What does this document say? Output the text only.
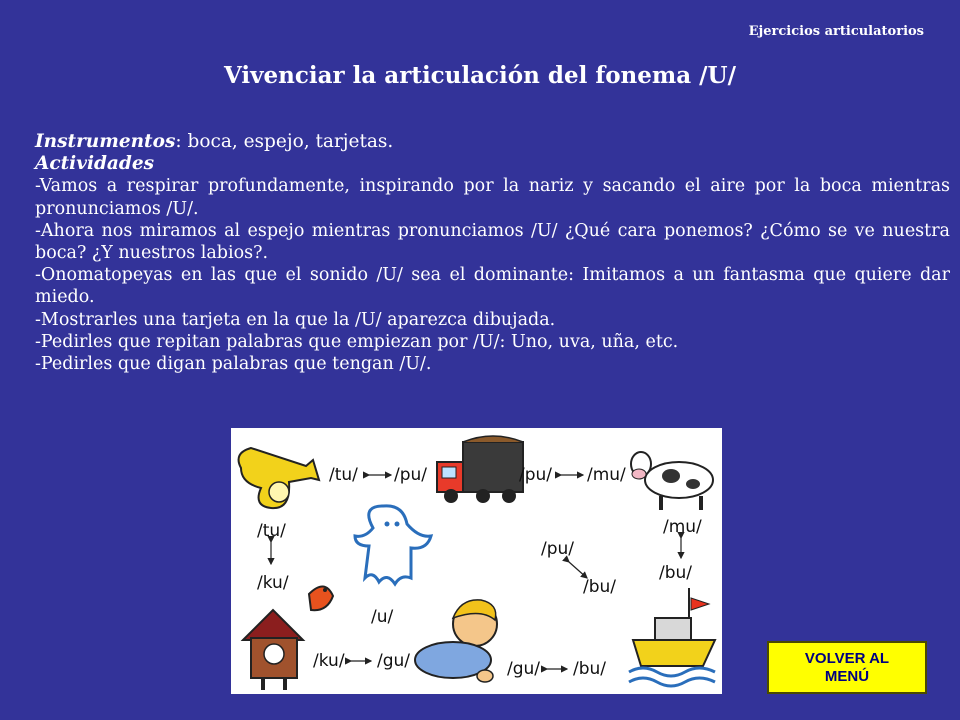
Ejercicios articulatorios
Vivenciar la articulación del fonema /U/

Instrumentos: boca, espejo, tarjetas.

Actividades

-Vamos a respirar profundamente, inspirando por la nariz y sacando el aire por la boca mientras pronunciamos /U/.

-Ahora nos miramos al espejo mientras pronunciamos /U/ ¿Qué cara ponemos? ¿Cómo se ve nuestra boca? ¿Y nuestros labios?.

-Onomatopeyas en las que el sonido /U/ sea el dominante: Imitamos a un fantasma que quiere dar miedo.

-Mostrarles una tarjeta en la que la /U/ aparezca dibujada.

-Pedirles que repitan palabras que empiezan por /U/: Uno, uva, uña, etc.

-Pedirles que digan palabras que tengan /U/.

/tu/ /pu/	/pu/ /mu/
/tu/
/ku/
/u/
/pu/
/bu/
/mu/
/bu/
/ku/ /gu/	/gu/ /bu/
VOLVER AL
MENÚ
